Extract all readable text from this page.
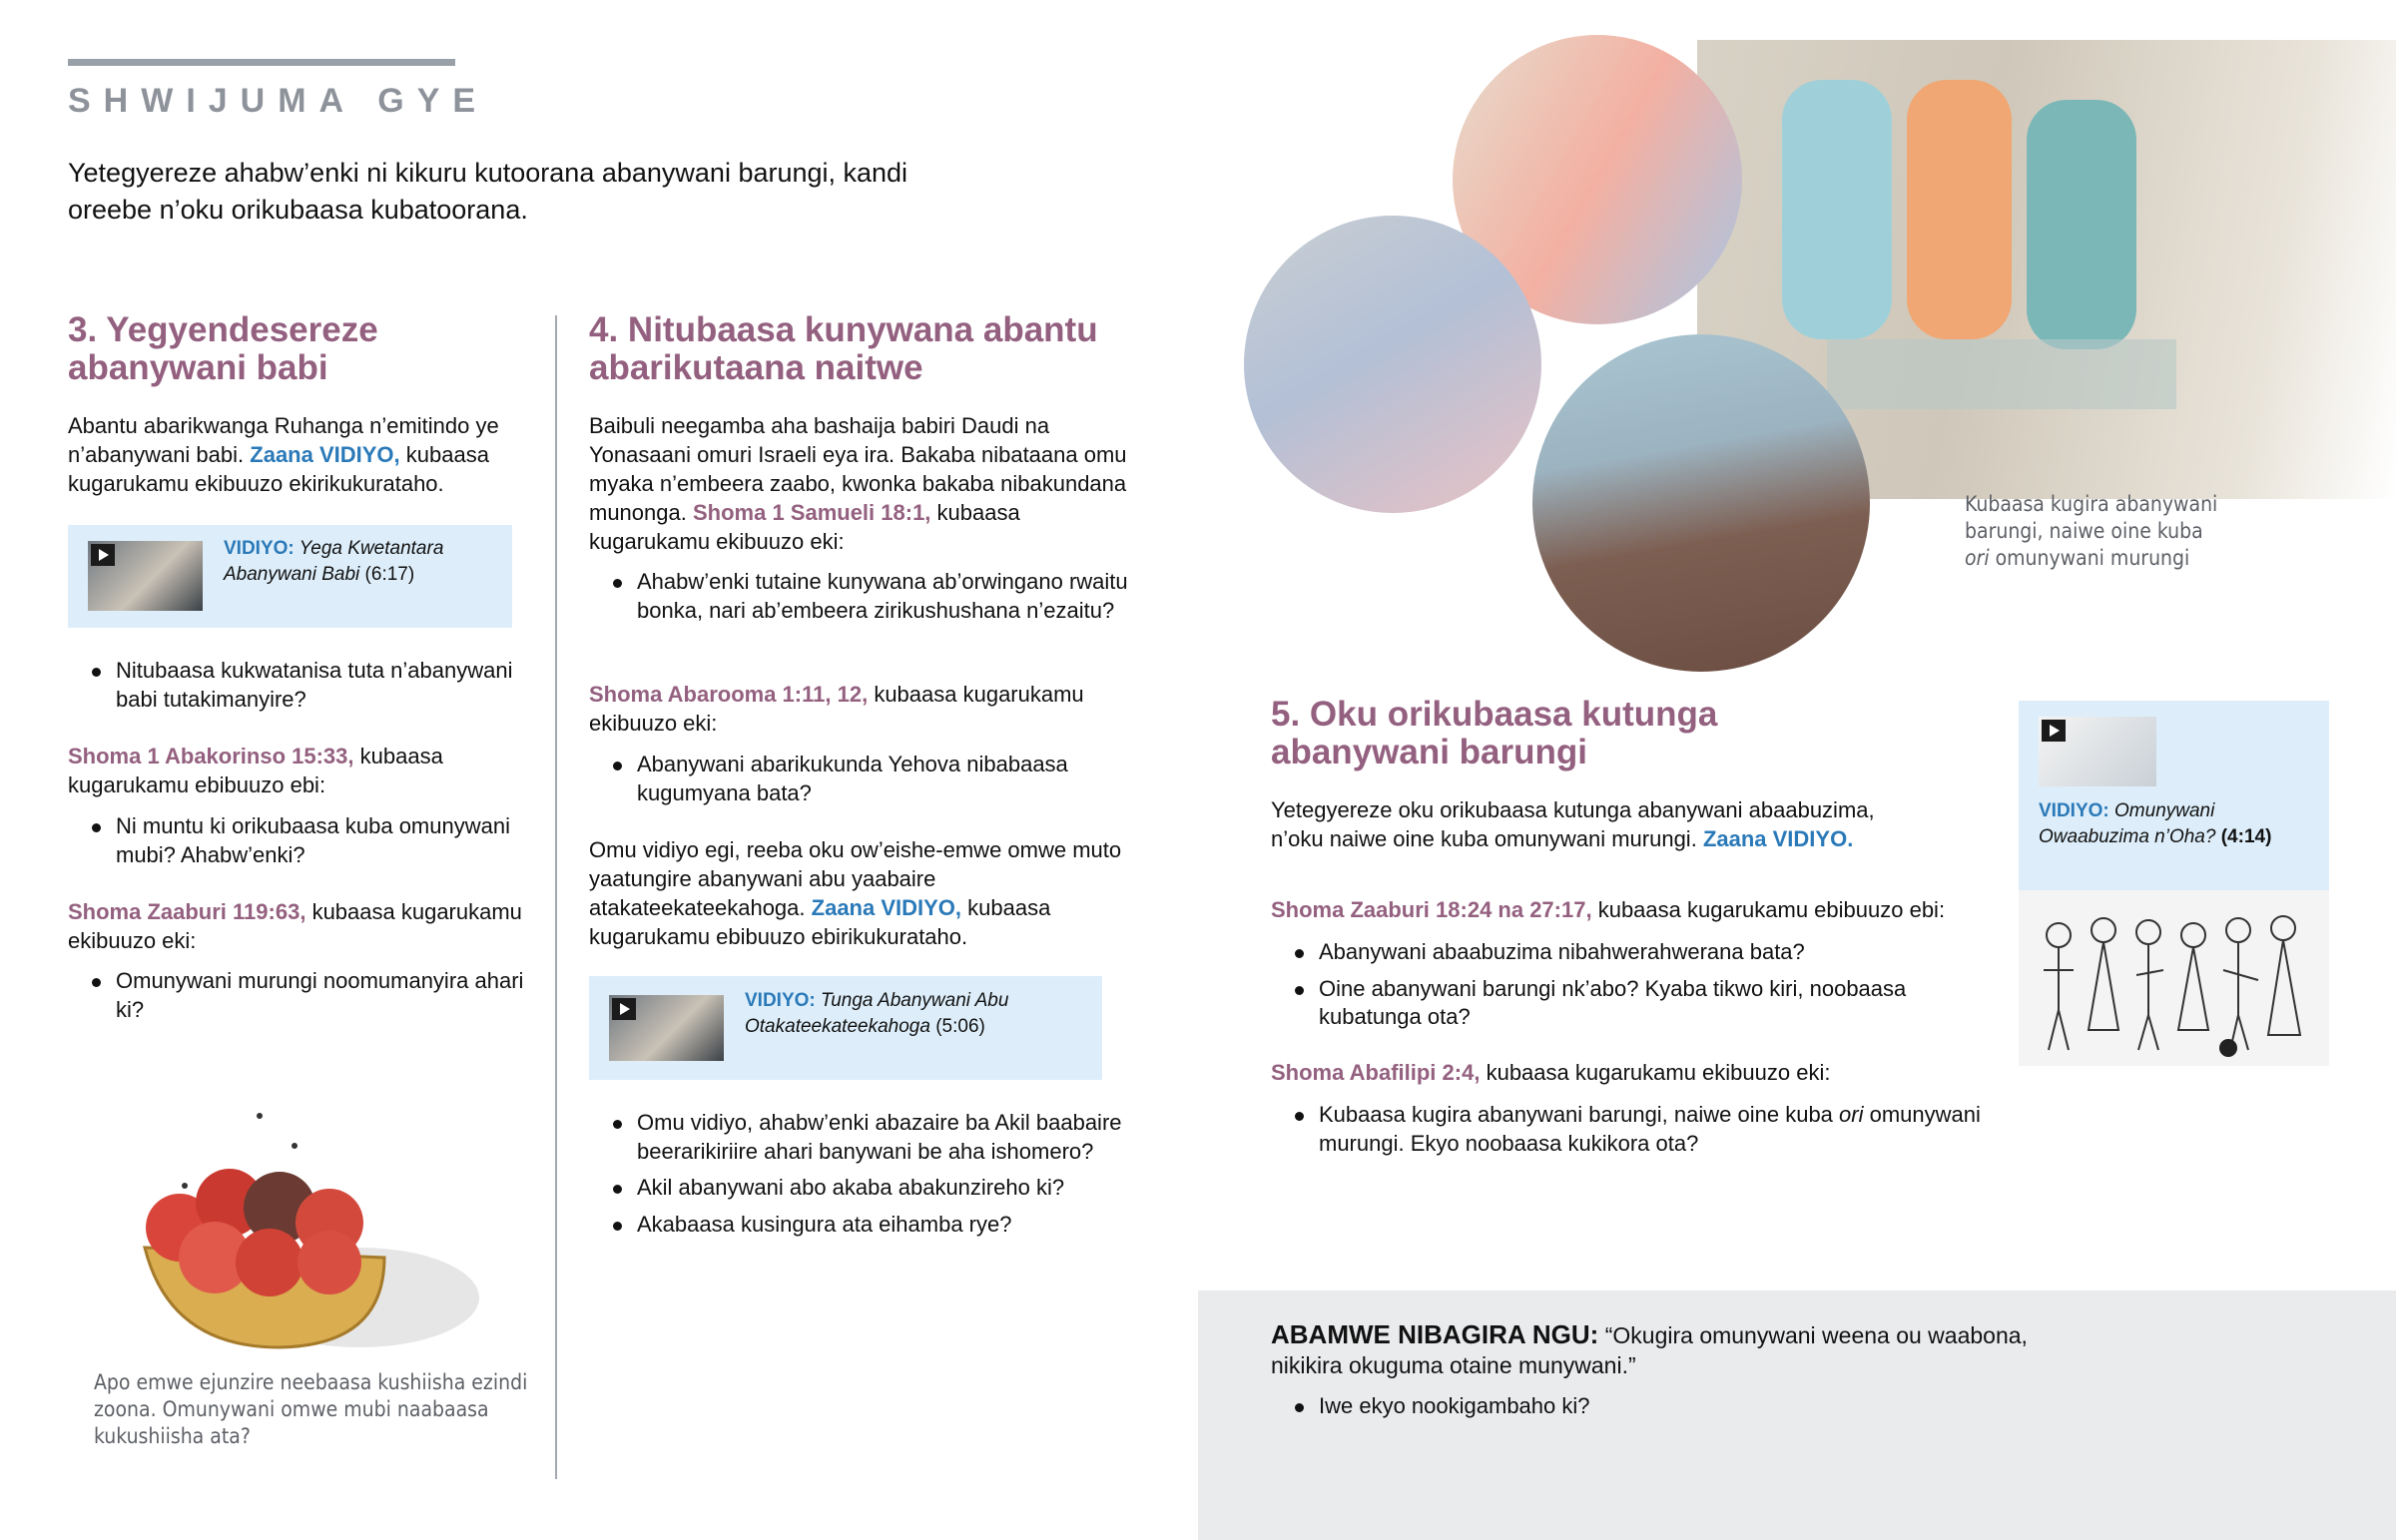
SHWIJUMA GYE
Yetegyereze ahabw’enki ni kikuru kutoorana abanywani barungi, kandi oreebe n’oku orikubaasa kubatoorana.
3. Yegyendesereze abanywani babi
Abantu abarikwanga Ruhanga n’emitindo ye n’abanywani babi. Zaana VIDIYO, kubaasa kugarukamu ekibuuzo ekirikukurataho.
VIDIYO: Yega Kwetantara Abanywani Babi (6:17)
Nitubaasa kukwatanisa tuta n’abanywani babi tutakimanyire?
Shoma 1 Abakorinso 15:33, kubaasa kugarukamu ebibuuzo ebi:
Ni muntu ki orikubaasa kuba omunywani mubi? Ahabw’enki?
Shoma Zaaburi 119:63, kubaasa kugarukamu ekibuuzo eki:
Omunywani murungi noomumanyira ahari ki?
Apo emwe ejunzire neebaasa kushiisha ezindi zoona. Omunywani omwe mubi naabaasa kukushiisha ata?
4. Nitubaasa kunywana abantu abarikutaana naitwe
Baibuli neegamba aha bashaija babiri Daudi na Yonasaani omuri Israeli eya ira. Bakaba nibataana omu myaka n’embeera zaabo, kwonka bakaba nibakundana munonga. Shoma 1 Samueli 18:1, kubaasa kugarukamu ekibuuzo eki:
Ahabw’enki tutaine kunywana ab’orwingano rwaitu bonka, nari ab’embeera zirikushushana n’ezaitu?
Shoma Abarooma 1:11, 12, kubaasa kugarukamu ekibuuzo eki:
Abanywani abarikukunda Yehova nibabaasa kugumyana bata?
Omu vidiyo egi, reeba oku ow’eishe-emwe omwe muto yaatungire abanywani abu yaabaire atakateekateekahoga. Zaana VIDIYO, kubaasa kugarukamu ebibuuzo ebirikukurataho.
VIDIYO: Tunga Abanywani Abu Otakateekateekahoga (5:06)
Omu vidiyo, ahabw’enki abazaire ba Akil baabaire beerarikiriire ahari banywani be aha ishomero?
Akil abanywani abo akaba abakunzireho ki?
Akabaasa kusingura ata eihamba rye?
Kubaasa kugira abanywani barungi, naiwe oine kuba ori omunywani murungi
5. Oku orikubaasa kutunga abanywani barungi
Yetegyereze oku orikubaasa kutunga abanywani abaabuzima, n’oku naiwe oine kuba omunywani murungi. Zaana VIDIYO.
Shoma Zaaburi 18:24 na 27:17, kubaasa kugarukamu ebibuuzo ebi:
Abanywani abaabuzima nibahwerahwerana bata?
Oine abanywani barungi nk’abo? Kyaba tikwo kiri, noobaasa kubatunga ota?
Shoma Abafilipi 2:4, kubaasa kugarukamu ekibuuzo eki:
Kubaasa kugira abanywani barungi, naiwe oine kuba ori omunywani murungi. Ekyo noobaasa kukikora ota?
VIDIYO: Omunywani Owaabuzima n’Oha? (4:14)
ABAMWE NIBAGIRA NGU: “Okugira omunywani weena ou waabona, nikikira okuguma otaine munywani.”
Iwe ekyo nookigambaho ki?
